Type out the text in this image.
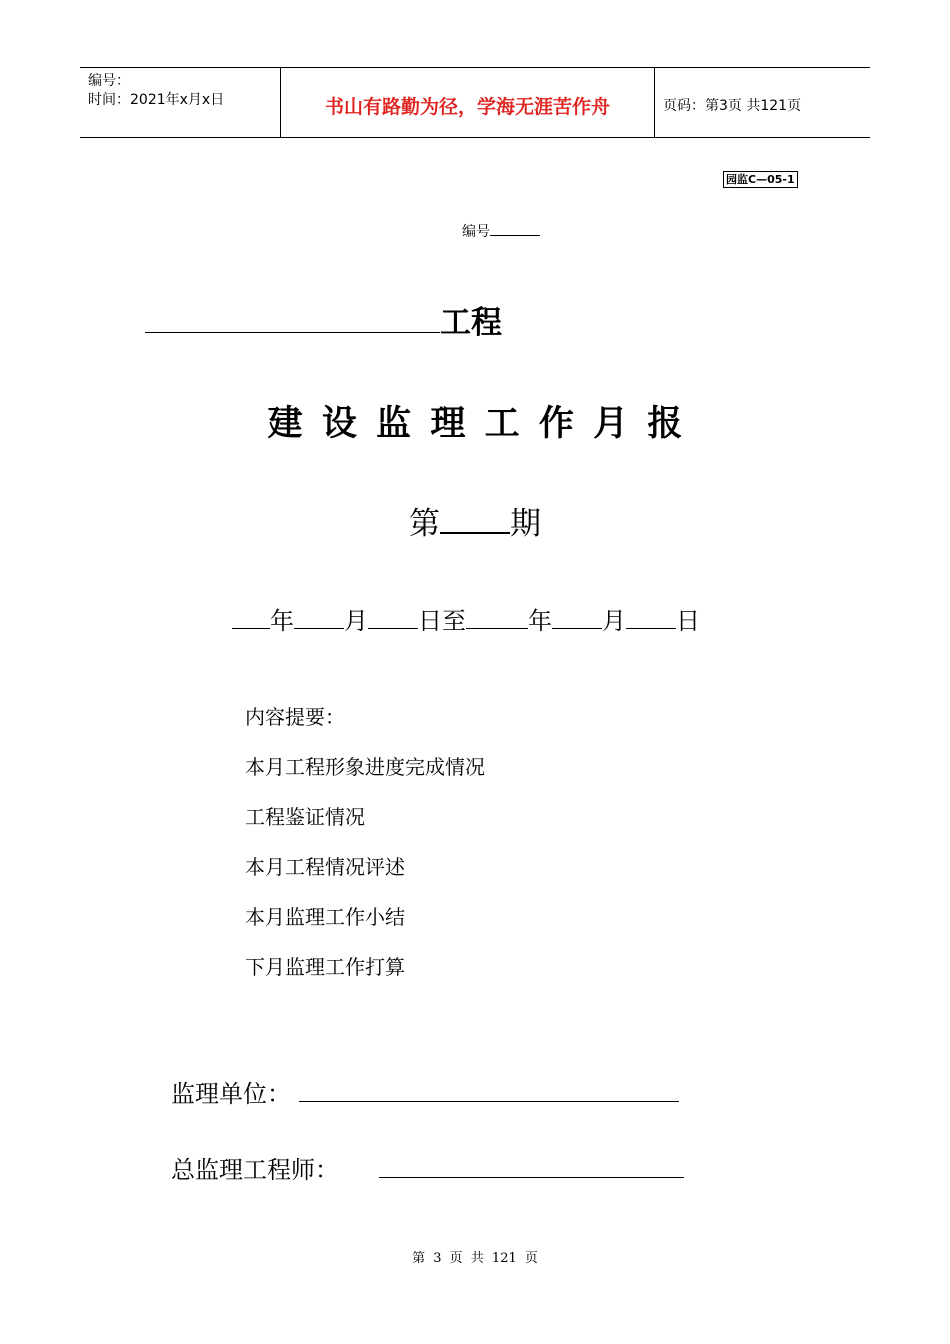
编号：
时间：2021年x月x日	书山有路勤为径，学海无涯苦作舟	页码：第3页 共121页
园监C—05-1
编号
工程
建设监理工作月报
第 期
年 月 日至	年 月 日
内容提要：
本月工程形象进度完成情况
工程鉴证情况
本月工程情况评述
本月监理工作小结
下月监理工作打算
监理单位：
总监理工程师：
第 3 页 共 121 页
